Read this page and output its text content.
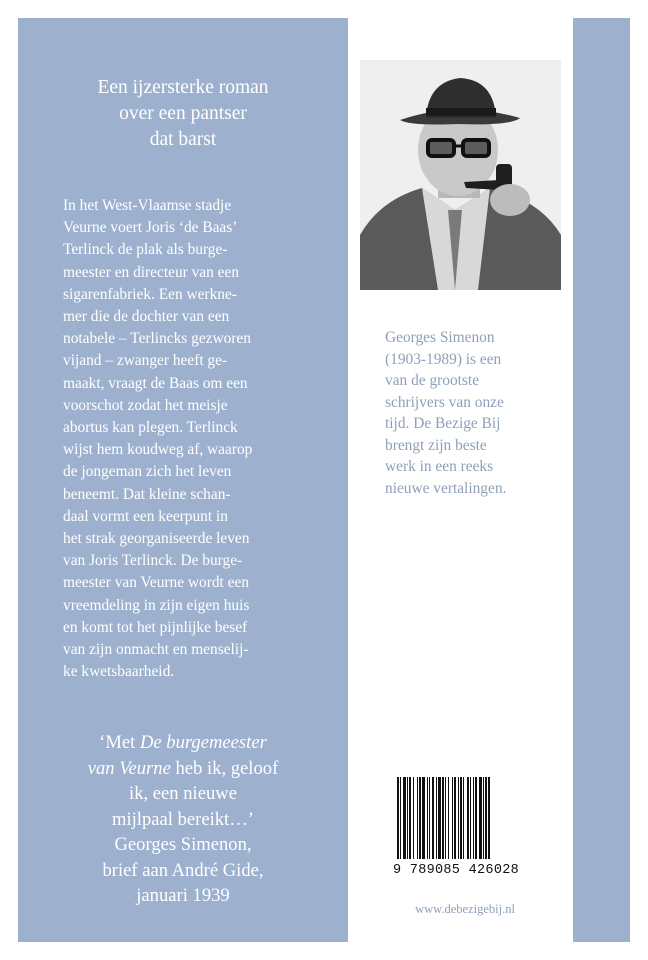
Een ijzersterke roman
over een pantser
dat barst
In het West-Vlaamse stadje
Veurne voert Joris ‘de Baas’
Terlinck de plak als burge-
meester en directeur van een
sigarenfabriek. Een werkne-
mer die de dochter van een
notabele – Terlincks gezworen
vijand – zwanger heeft ge-
maakt, vraagt de Baas om een
voorschot zodat het meisje
abortus kan plegen. Terlinck
wijst hem koudweg af, waarop
de jongeman zich het leven
beneemt. Dat kleine schan-
daal vormt een keerpunt in
het strak georganiseerde leven
van Joris Terlinck. De burge-
meester van Veurne wordt een
vreemdeling in zijn eigen huis
en komt tot het pijnlijke besef
van zijn onmacht en menselij-
ke kwetsbaarheid.
‘Met De burgemeester
van Veurne heb ik, geloof
ik, een nieuwe
mijlpaal bereikt…’
Georges Simenon,
brief aan André Gide,
januari 1939
Georges Simenon
(1903-1989) is een
van de grootste
schrijvers van onze
tijd. De Bezige Bij
brengt zijn beste
werk in een reeks
nieuwe vertalingen.
9 789085 426028
www.debezigebij.nl
